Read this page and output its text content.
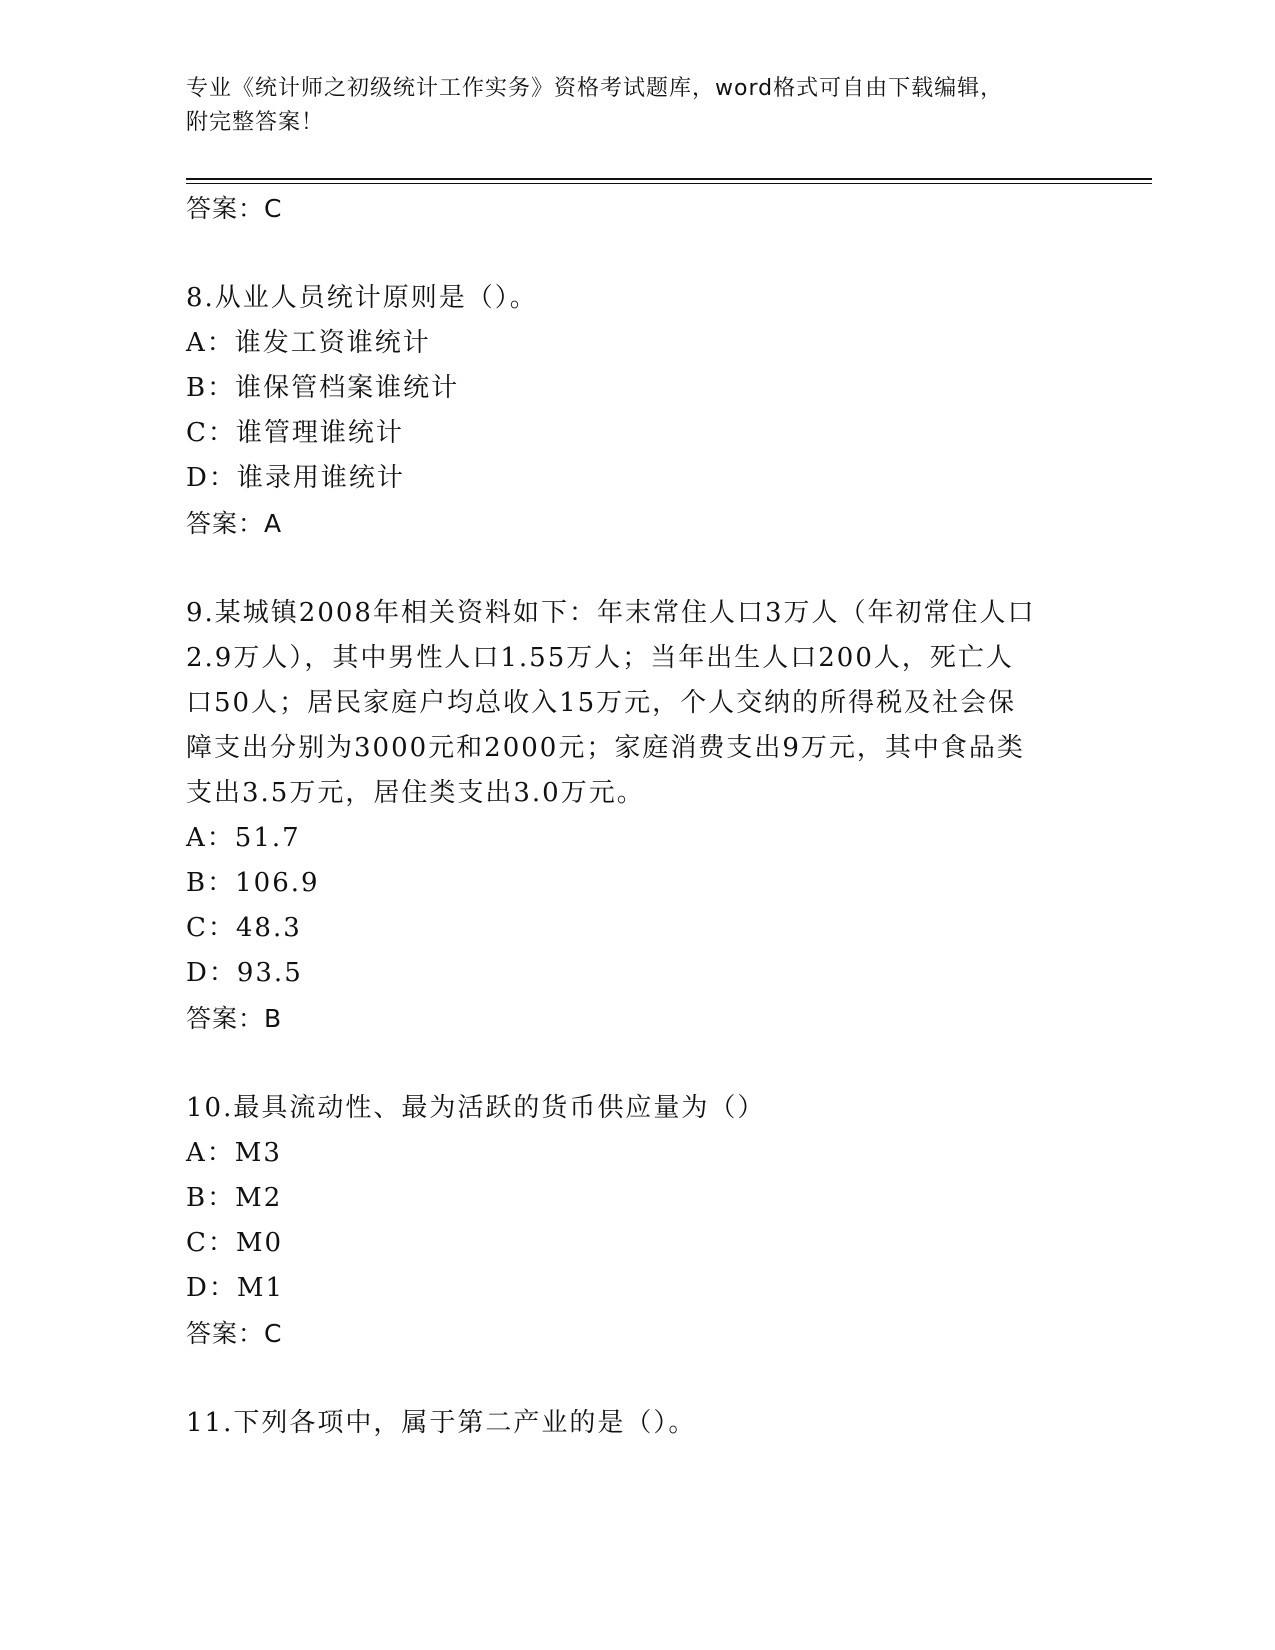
专业《统计师之初级统计工作实务》资格考试题库，word格式可自由下载编辑，
附完整答案！
答案：C
8.从业人员统计原则是（）。
A：谁发工资谁统计
B：谁保管档案谁统计
C：谁管理谁统计
D：谁录用谁统计
答案：A
9.某城镇2008年相关资料如下：年末常住人口3万人（年初常住人口
2.9万人），其中男性人口1.55万人；当年出生人口200人，死亡人
口50人；居民家庭户均总收入15万元，个人交纳的所得税及社会保
障支出分别为3000元和2000元；家庭消费支出9万元，其中食品类
支出3.5万元，居住类支出3.0万元。
A：51.7
B：106.9
C：48.3
D：93.5
答案：B
10.最具流动性、最为活跃的货币供应量为（）
A：M3
B：M2
C：M0
D：M1
答案：C
11.下列各项中，属于第二产业的是（）。
